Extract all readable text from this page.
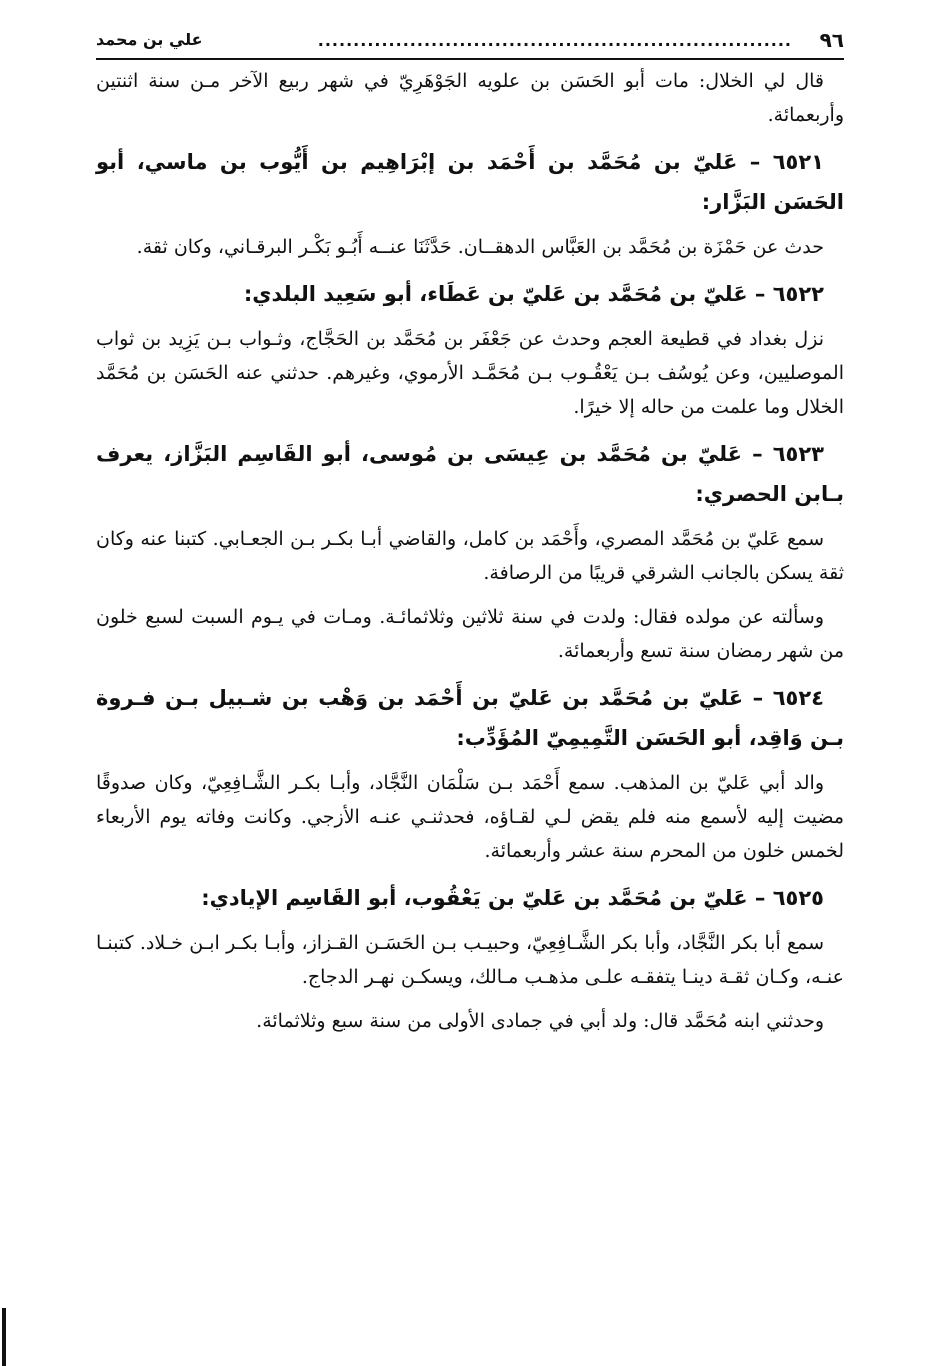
٩٦
...................................................................
علي بن محمد

قال لي الخلال: مات أبو الحَسَن بن علويه الجَوْهَرِيّ في شهر ربيع الآخر مـن سنة اثنتين وأربعمائة.

٦٥٢١ – عَليّ بن مُحَمَّد بن أَحْمَد بن إبْرَاهِيم بن أَيُّوب بن ماسي، أبو الحَسَن البَزَّار:

حدث عن حَمْزَة بن مُحَمَّد بن العَبَّاس الدهقــان. حَدَّثَنَا عنــه أَبُـو بَكْـر البرقـاني، وكان ثقة.

٦٥٢٢ – عَليّ بن مُحَمَّد بن عَليّ بن عَطَاء، أبو سَعِيد البلدي:

نزل بغداد في قطيعة العجم وحدث عن جَعْفَر بن مُحَمَّد بن الحَجَّاج، وثـواب بـن يَزِيد بن ثواب الموصليين، وعن يُوسُف بـن يَعْقُـوب بـن مُحَمَّـد الأرموي، وغيرهم. حدثني عنه الحَسَن بن مُحَمَّد الخلال وما علمت من حاله إلا خيرًا.

٦٥٢٣ – عَليّ بن مُحَمَّد بن عِيسَى بن مُوسى، أبو القَاسِم البَزَّاز، يعرف بـابن الحصري:

سمع عَليّ بن مُحَمَّد المصري، وأَحْمَد بن كامل، والقاضي أبـا بكـر بـن الجعـابي. كتبنا عنه وكان ثقة يسكن بالجانب الشرقي قريبًا من الرصافة.

وسألته عن مولده فقال: ولدت في سنة ثلاثين وثلاثمائـة. ومـات في يـوم السبت لسبع خلون من شهر رمضان سنة تسع وأربعمائة.

٦٥٢٤ – عَليّ بن مُحَمَّد بن عَليّ بن أَحْمَد بن وَهْب بن شـبيل بـن فـروة بـن وَاقِد، أبو الحَسَن التَّمِيمِيّ المُؤَدِّب:

والد أبي عَليّ بن المذهب. سمع أَحْمَد بـن سَلْمَان النَّجَّاد، وأبـا بكـر الشَّـافِعِيّ، وكان صدوقًا مضيت إليه لأسمع منه فلم يقض لـي لقـاؤه، فحدثنـي عنـه الأزجي. وكانت وفاته يوم الأربعاء لخمس خلون من المحرم سنة عشر وأربعمائة.

٦٥٢٥ – عَليّ بن مُحَمَّد بن عَليّ بن يَعْقُوب، أبو القَاسِم الإيادي:

سمع أبا بكر النَّجَّاد، وأبا بكر الشَّـافِعِيّ، وحبيـب بـن الحَسَـن القـزاز، وأبـا بكـر ابـن خـلاد. كتبنـا عنـه، وكـان ثقـة دينـا يتفقـه علـى مذهـب مـالك، ويسكـن نهـر الدجاج.

وحدثني ابنه مُحَمَّد قال: ولد أبي في جمادى الأولى من سنة سبع وثلاثمائة.
